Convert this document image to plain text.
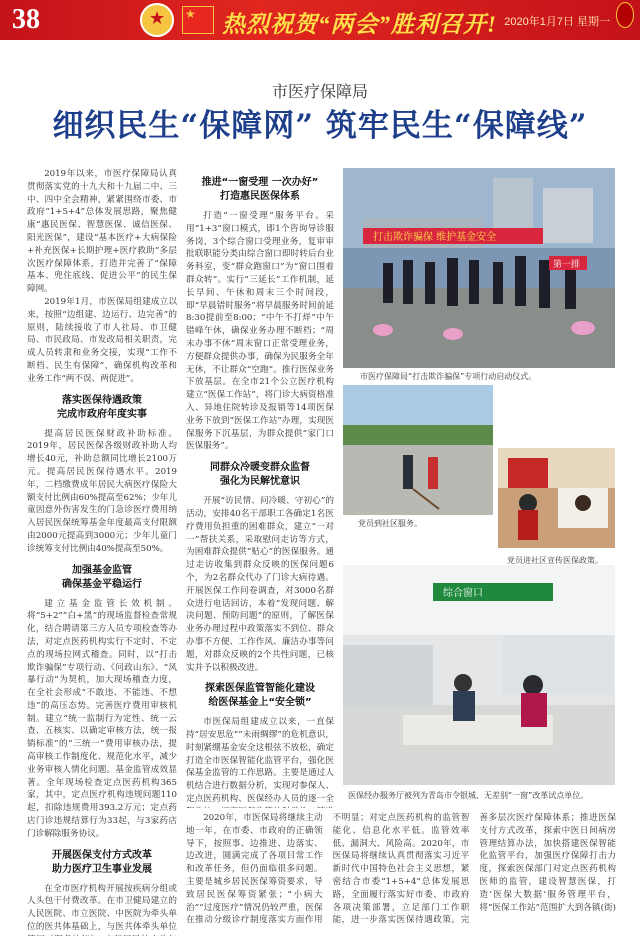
38 ★ ★	热烈祝贺“两会”胜利召开! 2020年1月7日 星期一
市医疗保障局
细织民生“保障网” 筑牢民生“保障线”

2019年以来，市医疗保障局认真贯彻落实党的十九大和十九届二中、三中、四中全会精神，紧紧围绕市委、市政府“1+5+4”总体发展思路，聚焦健康“惠民医保、智慧医保、诚信医保、阳光医保”，建设“基本医疗+大病保险+补充医保+长期护理+医疗救助”多层次医疗保障体系，打造并完善了“保障基本、兜住底线、促进公平”的民生保障网。

2019年1月，市医保局组建成立以来，按照“边组建、边运行、边完善”的原则，陆续接收了市人社局、市卫健局、市民政局、市发改局相关职责，完成人员转隶和业务交接，实现“工作不断档、民生有保障”，确保机构改革和业务工作“两不误、两促进”。

落实医保待遇政策
完成市政府年度实事

提高居民医保财政补助标准。2019年，居民医保各级财政补助人均增长40元，补助总额同比增长2100万元。提高居民医保待遇水平。2019年，二档缴费成年居民大病医疗保险大额支付比例由60%提高至62%；少年儿童因意外伤害发生的门急诊医疗费用纳入居民医保统筹基金年度最高支付限额由2000元提高到3000元；少年儿童门诊统筹支付比例由40%提高至50%。

加强基金监管
确保基金平稳运行

建立基金监管长效机制。将“5+2”“白+黑”的现场监督检查常规化，结合聘请第三方人员专项检查等办法，对定点医药机构实行不定时、不定点的现场拉网式稽查。同时，以“打击欺诈骗保”专项行动、《问政山东》、“风暴行动”为契机，加大现场稽查力度，在全社会形成“不敢违、不能违、不想违”的高压态势。完善医疗费用审核机制。建立“统一监制行为定性、统一云查、五核实、以确定审核方法，统一报销标准”的“三统一”费用审核办法，提高审核工作制度化、规范化水平，减少业务审核人情化问题。基金监管成效显著。全年现场检查定点医药机构365家，其中，定点医疗机构违规问题110起，扣除违规费用393.2万元；定点药店门诊违规结算行为33起，与3家药店门诊解除服务协议。

开展医保支付方式改革
助力医疗卫生事业发展

在全市医疗机构开展按疾病分组或人头包干付费改革。在市卫健局建立的人民医院、市立医院、中医院为牵头单位的医共体基础上，与医共体牵头单位

推进“一窗受理 一次办好”
打造惠民医保体系

打造“一窗受理”服务平台。采用“1+3”窗口模式，即1个咨询导诊服务岗，3个综合窗口受理业务，复审审批联职能分类由综合窗口即时转后台业务科室，变“群众跑窗口”为“窗口围着群众转”。实行“三延长”工作机制，延长早间、午休和周末三个时间段，即“早晨错时服务”将早晨服务时间前延8:30提前至8:00；“中午不打烊”中午错峰午休，确保业务办理不断档；“周末办事不休”周末窗口正常受理业务，方便群众提供办事，确保为民服务全年无休，不让群众“空跑”。推行医保业务下放基层。在全市21个公立医疗机构建立“医保工作站”，将门诊大病资格准入、异地住院转诊及报销等14项医保业务下放到“医保工作站”办理，实现医保服务下沉基层，为群众提供“家门口医保服务”。

同群众冷暖变群众监督
强化为民解忧意识

开展“访民情、问冷暖、守初心”的活动，安排40名干部职工各确定1名医疗费用负担重的困难群众，建立“一对一”帮扶关系，采取慰问走访等方式，为困难群众提供“贴心”的医保服务。通过走访收集到群众反映的医保问题6个，为2名群众代办了门诊大病待遇。开展医保工作问卷调查，对3000名群众进行电话回访，本着“发现问题、解决问题、预防问题”的原则，了解医保业务办理过程中政策落实不到位、群众办事不方便、工作作风、廉洁办事等问题，对群众反映的2个共性问题，已核实并予以积极改进。

探索医保监管智能化建设
给医保基金上“安全锁”

市医保局组建成立以来，一直保持“居安思危”“未雨绸缪”的危机意识，时刻紧绷基金安全这根弦不放松，确定打造全市医保智能化监管平台，强化医保基金监管的工作思路。主要是通过人机结合进行数据分析，实现对参保人、定点医药机构、医保经办人员的逐一全

2020年，市医保局将继续主动地一年，在市委、市政府的正确领导下，按照事、边推进、边落实、边改进，圆满完成了各项目常工作和改革任务，但仍面临很多问题。主要是城乡居民医保筹资要求，导致居民医保筹资紧张；“小病大治”“过度医疗”情况仍较严重，医保在推动分级诊疗制度落实方面作用不明显；对定点医药机构的监管智能化、信息化水平低。监管效率低、漏洞大、风险高。2020年，市医保局将继续认真贯彻落实习近平新时代中国特色社会主义思想，紧密结合市委“1+5+4”总体发展思路，全面履行落实好市委、市政府各项决策部署，立足部门工作职能，进一步落实医保待遇政策，完善多层次医疗保障体系；推进医保支付方式改革，探索中医日间病房管理结算办法，加快搭建医保智能化监管平台，加强医疗保障打击力度，探索医保部门对定点医药机构医师的监管，建设智慧医保，打造‘医保大数据’服务管理平台，将“医保工作站”范围扩大到各镇(街)

打击欺诈骗保 维护基金安全
第一排
市医疗保障局“打击欺诈骗保”专项行动启动仪式。
党员到社区服务。
党员进社区宣传医保政策。
综合窗口
医保经办服务厅被列为青岛市令银城、无差别“一窗”改革试点单位。
